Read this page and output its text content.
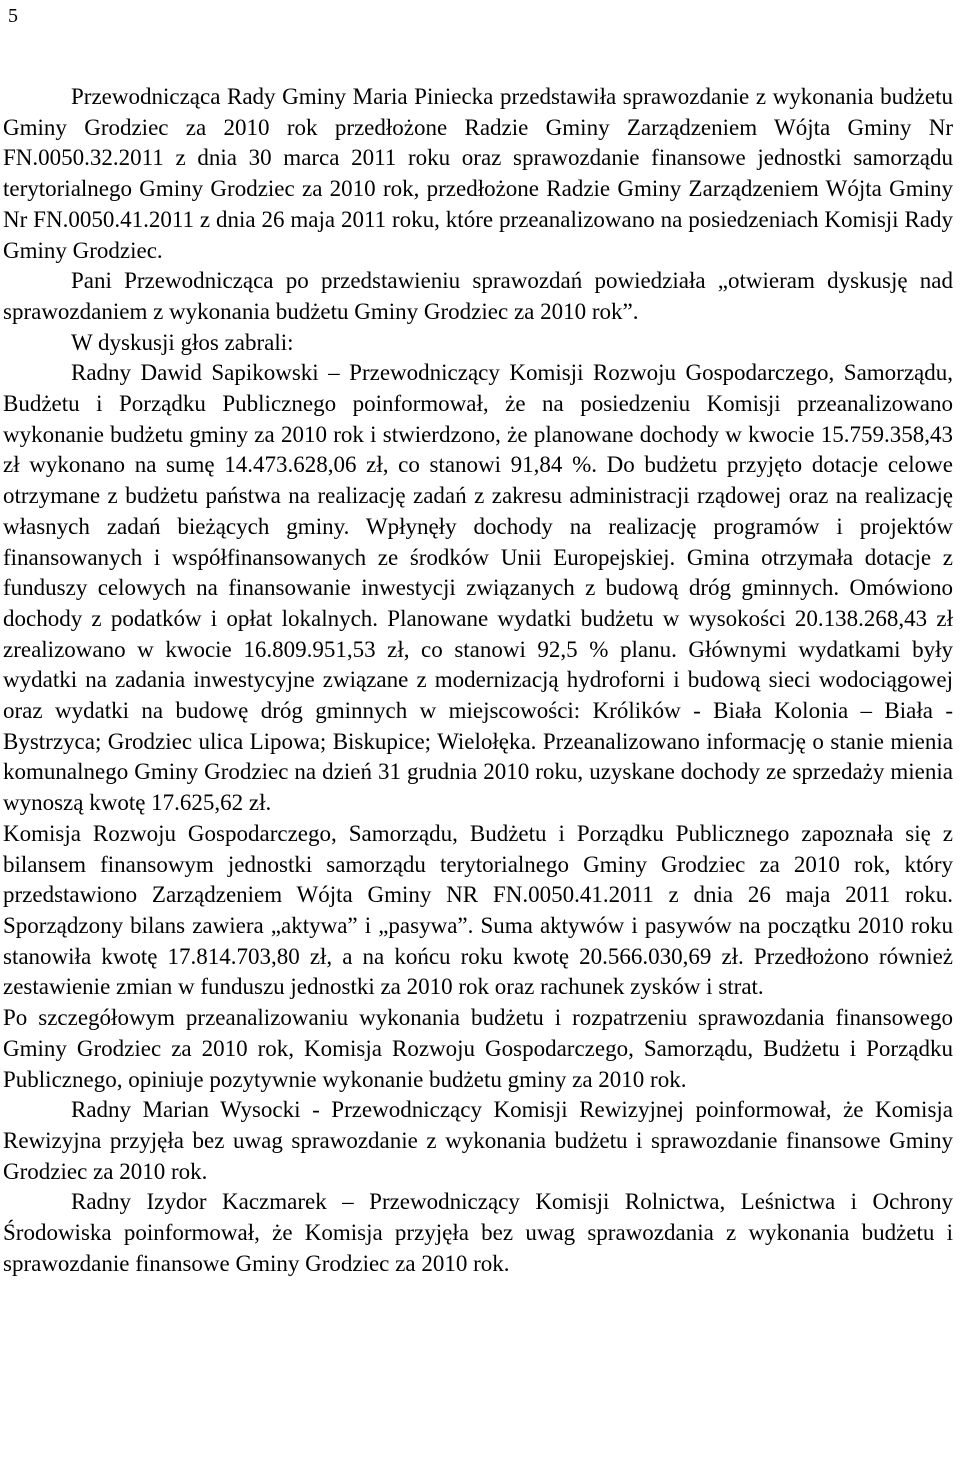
5

Przewodnicząca Rady Gminy Maria Piniecka przedstawiła sprawozdanie z wykonania budżetu Gminy Grodziec za 2010 rok przedłożone Radzie Gminy Zarządzeniem Wójta Gminy Nr FN.0050.32.2011 z dnia 30 marca 2011 roku oraz sprawozdanie finansowe jednostki samorządu terytorialnego Gminy Grodziec za 2010 rok, przedłożone Radzie Gminy Zarządzeniem Wójta Gminy Nr FN.0050.41.2011 z dnia 26 maja 2011 roku, które przeanalizowano na posiedzeniach Komisji Rady Gminy Grodziec.

Pani Przewodnicząca po przedstawieniu sprawozdań powiedziała „otwieram dyskusję nad sprawozdaniem z wykonania budżetu Gminy Grodziec za 2010 rok”.

W dyskusji głos zabrali:

Radny Dawid Sapikowski – Przewodniczący Komisji Rozwoju Gospodarczego, Samorządu, Budżetu i Porządku Publicznego poinformował, że na posiedzeniu Komisji przeanalizowano wykonanie budżetu gminy za 2010 rok i stwierdzono, że planowane dochody w kwocie 15.759.358,43 zł wykonano na sumę 14.473.628,06 zł, co stanowi 91,84 %. Do budżetu przyjęto dotacje celowe otrzymane z budżetu państwa na realizację zadań z zakresu administracji rządowej oraz na realizację własnych zadań bieżących gminy. Wpłynęły dochody na realizację programów i projektów finansowanych i współfinansowanych ze środków Unii Europejskiej. Gmina otrzymała dotacje z funduszy celowych na finansowanie inwestycji związanych z budową dróg gminnych. Omówiono dochody z podatków i opłat lokalnych. Planowane wydatki budżetu w wysokości 20.138.268,43 zł zrealizowano w kwocie 16.809.951,53 zł, co stanowi 92,5 % planu. Głównymi wydatkami były wydatki na zadania inwestycyjne związane z modernizacją hydroforni i budową sieci wodociągowej oraz wydatki na budowę dróg gminnych w miejscowości: Królików - Biała Kolonia – Biała - Bystrzyca; Grodziec ulica Lipowa; Biskupice; Wielołęka. Przeanalizowano informację o stanie mienia komunalnego Gminy Grodziec na dzień 31 grudnia 2010 roku, uzyskane dochody ze sprzedaży mienia wynoszą kwotę 17.625,62 zł.

Komisja Rozwoju Gospodarczego, Samorządu, Budżetu i Porządku Publicznego zapoznała się z bilansem finansowym jednostki samorządu terytorialnego Gminy Grodziec za 2010 rok, który przedstawiono Zarządzeniem Wójta Gminy NR FN.0050.41.2011 z dnia 26 maja 2011 roku. Sporządzony bilans zawiera „aktywa” i „pasywa”. Suma aktywów i pasywów na początku 2010 roku stanowiła kwotę 17.814.703,80 zł, a na końcu roku kwotę 20.566.030,69 zł. Przedłożono również zestawienie zmian w funduszu jednostki za 2010 rok oraz rachunek zysków i strat.

Po szczegółowym przeanalizowaniu wykonania budżetu i rozpatrzeniu sprawozdania finansowego Gminy Grodziec za 2010 rok, Komisja Rozwoju Gospodarczego, Samorządu, Budżetu i Porządku Publicznego, opiniuje pozytywnie wykonanie budżetu gminy za 2010 rok.

Radny Marian Wysocki - Przewodniczący Komisji Rewizyjnej poinformował, że Komisja Rewizyjna przyjęła bez uwag sprawozdanie z wykonania budżetu i sprawozdanie finansowe Gminy Grodziec za 2010 rok.

Radny Izydor Kaczmarek – Przewodniczący Komisji Rolnictwa, Leśnictwa i Ochrony Środowiska poinformował, że Komisja przyjęła bez uwag sprawozdania z wykonania budżetu i sprawozdanie finansowe Gminy Grodziec za 2010 rok.
